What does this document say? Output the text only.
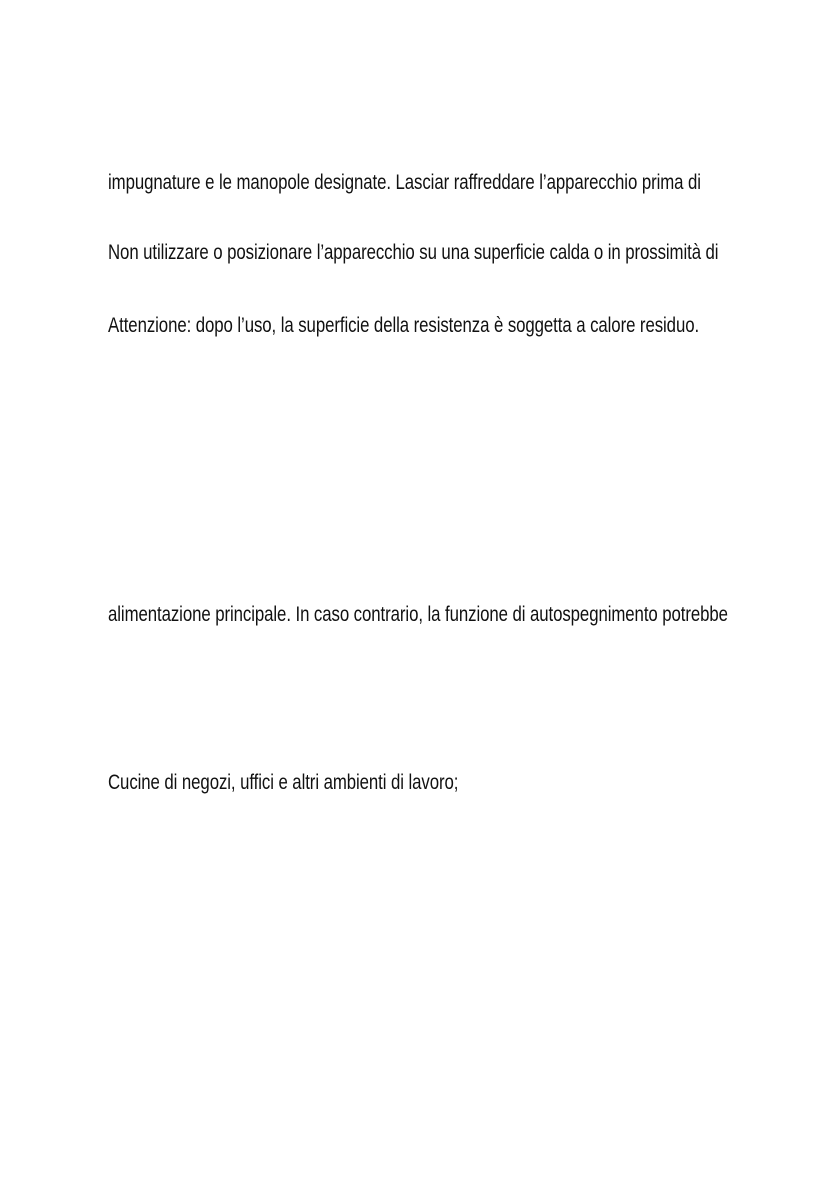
impugnature e le manopole designate. Lasciar raffreddare l’apparecchio prima di

Non utilizzare o posizionare l’apparecchio su una superficie calda o in prossimità di

Attenzione: dopo l’uso, la superficie della resistenza è soggetta a calore residuo.

alimentazione principale. In caso contrario, la funzione di autospegnimento potrebbe

Cucine di negozi, uffici e altri ambienti di lavoro;
